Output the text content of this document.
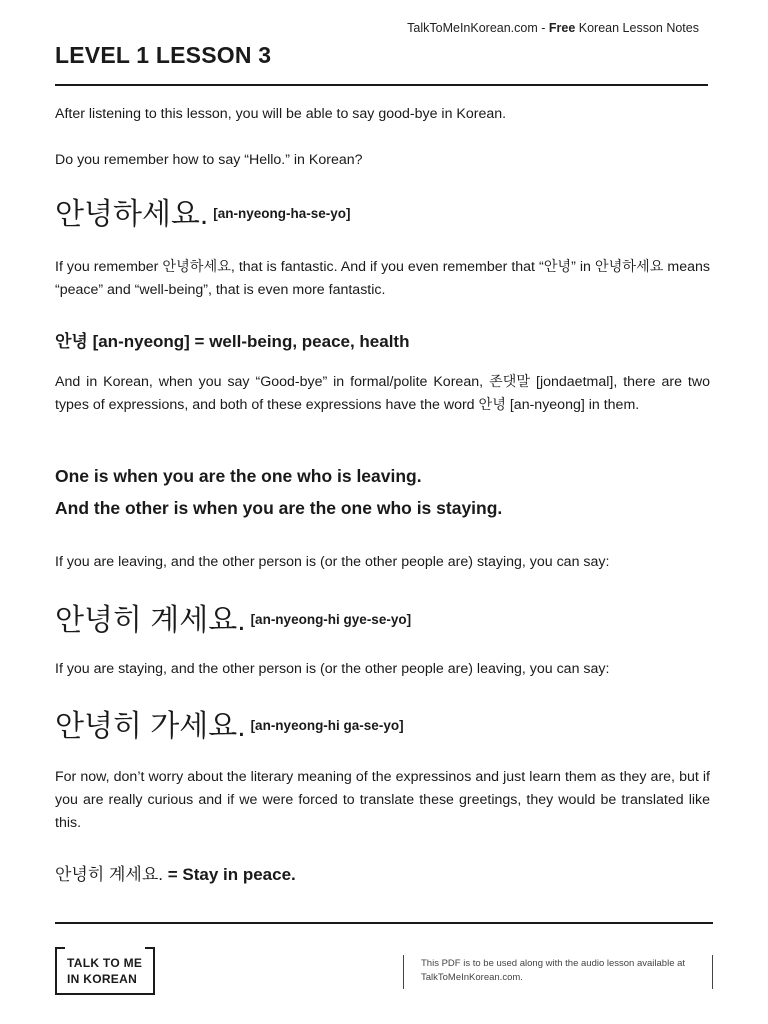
TalkToMeInKorean.com - Free Korean Lesson Notes
LEVEL 1 LESSON 3

After listening to this lesson, you will be able to say good-bye in Korean.

Do you remember how to say “Hello.” in Korean?

안녕하세요. [an-nyeong-ha-se-yo]

If you remember 안녕하세요, that is fantastic. And if you even remember that “안녕” in 안녕하세요 means “peace” and “well-being”, that is even more fantastic.

안녕 [an-nyeong] = well-being, peace, health

And in Korean, when you say “Good-bye” in formal/polite Korean, 존댓말 [jondaetmal], there are two types of expressions, and both of these expressions have the word 안녕 [an-nyeong] in them.

One is when you are the one who is leaving.

And the other is when you are the one who is staying.

If you are leaving, and the other person is (or the other people are) staying, you can say:

안녕히 계세요. [an-nyeong-hi gye-se-yo]

If you are staying, and the other person is (or the other people are) leaving, you can say:

안녕히 가세요. [an-nyeong-hi ga-se-yo]

For now, don’t worry about the literary meaning of the expressinos and just learn them as they are, but if you are really curious and if we were forced to translate these greetings, they would be translated like this.

안녕히 계세요. = Stay in peace.

TALK TO ME
IN KOREAN
This PDF is to be used along with the audio lesson available at TalkToMeInKorean.com.
